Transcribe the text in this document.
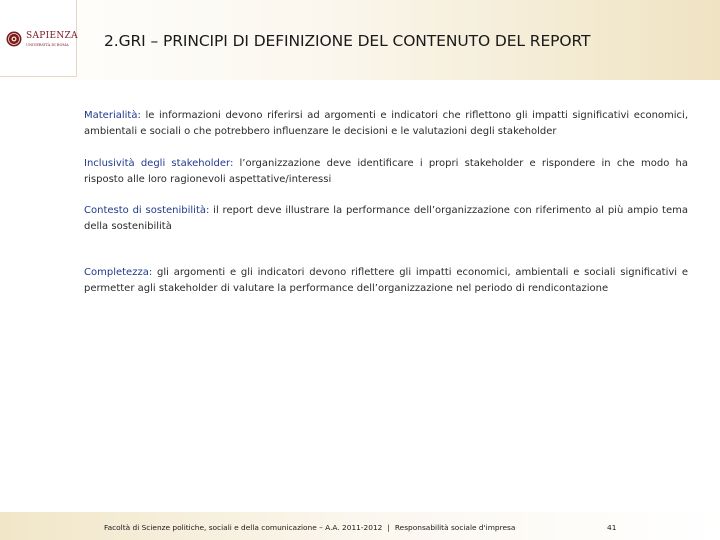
SAPIENZA
UNIVERSITÀ DI ROMA 2.GRI – PRINCIPI DI DEFINIZIONE DEL CONTENUTO DEL REPORT
Materialità: le informazioni devono riferirsi ad argomenti e indicatori che riflettono gli impatti significativi economici, ambientali e sociali o che potrebbero influenzare le decisioni e le valutazioni degli stakeholder
Inclusività degli stakeholder: l’organizzazione deve identificare i propri stakeholder e rispondere in che modo ha risposto alle loro ragionevoli aspettative/interessi
Contesto di sostenibilità: il report deve illustrare la performance dell’organizzazione con riferimento al più ampio tema della sostenibilità
Completezza: gli argomenti e gli indicatori devono riflettere gli impatti economici, ambientali e sociali significativi e permetter agli stakeholder di valutare la performance dell’organizzazione nel periodo di rendicontazione
Facoltà di Scienze politiche, sociali e della comunicazione – A.A. 2011-2012 | Responsabilità sociale d'impresa	41
